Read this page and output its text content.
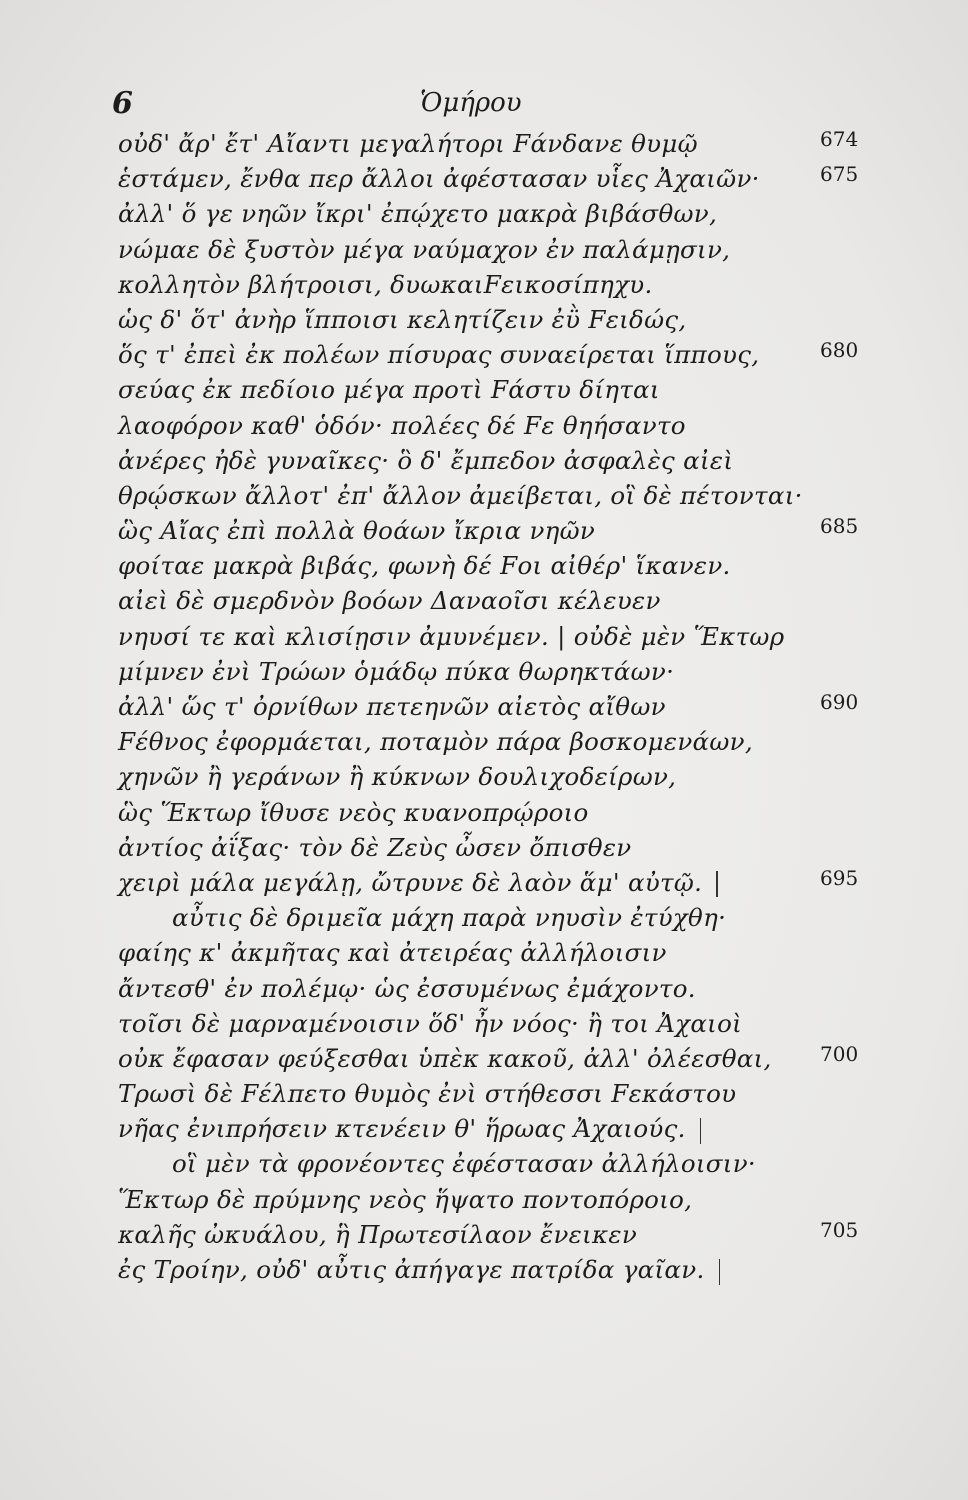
6	Ὁμήρου
οὐδ' ἄρ' ἔτ' Αἴαντι μεγαλήτορι Fάνδανε θυμῷ	674
ἑστάμεν, ἔνθα περ ἄλλοι ἀφέστασαν υἷες Ἀχαιῶν·	675
ἀλλ' ὅ γε νηῶν ἴκρι' ἐπῴχετο μακρὰ βιβάσθων,
νώμαε δὲ ξυστὸν μέγα ναύμαχον ἐν παλάμῃσιν,
κολλητὸν βλήτροισι, δυωκαιFεικοσίπηχυ.
ὡς δ' ὅτ' ἀνὴρ ἵπποισι κελητίζειν ἐῢ Fειδώς,
ὅς τ' ἐπεὶ ἐκ πολέων πίσυρας συναείρεται ἵππους,	680
σεύας ἐκ πεδίοιο μέγα προτὶ Fάστυ δίηται
λαοφόρον καθ' ὁδόν· πολέες δέ Fε θηήσαντο
ἀνέρες ἠδὲ γυναῖκες· ὃ δ' ἔμπεδον ἀσφαλὲς αἰεὶ
θρῴσκων ἄλλοτ' ἐπ' ἄλλον ἀμείβεται, οἳ δὲ πέτονται·
ὣς Αἴας ἐπὶ πολλὰ θοάων ἴκρια νηῶν	685
φοίταε μακρὰ βιβάς, φωνὴ δέ Fοι αἰθέρ' ἵκανεν.
αἰεὶ δὲ σμερδνὸν βοόων Δαναοῖσι κέλευεν
νηυσί τε καὶ κλισίῃσιν ἀμυνέμεν. | οὐδὲ μὲν Ἕκτωρ
μίμνεν ἐνὶ Τρώων ὁμάδῳ πύκα θωρηκτάων·
ἀλλ' ὥς τ' ὀρνίθων πετεηνῶν αἰετὸς αἴθων	690
Fέθνος ἐφορμάεται, ποταμὸν πάρα βοσκομενάων,
χηνῶν ἢ γεράνων ἢ κύκνων δουλιχοδείρων,
ὣς Ἕκτωρ ἴθυσε νεὸς κυανοπρῴροιο
ἀντίος ἀΐξας· τὸν δὲ Ζεὺς ὦσεν ὄπισθεν
χειρὶ μάλα μεγάλῃ, ὤτρυνε δὲ λαὸν ἅμ' αὐτῷ.	695
αὖτις δὲ δριμεῖα μάχη παρὰ νηυσὶν ἐτύχθη·
φαίης κ' ἀκμῆτας καὶ ἀτειρέας ἀλλήλοισιν
ἄντεσθ' ἐν πολέμῳ· ὡς ἐσσυμένως ἐμάχοντο.
τοῖσι δὲ μαρναμένοισιν ὅδ' ἦν νόος· ἢ τοι Ἀχαιοὶ
οὐκ ἔφασαν φεύξεσθαι ὑπὲκ κακοῦ, ἀλλ' ὀλέεσθαι, 700
Τρωσὶ δὲ Fέλπετο θυμὸς ἐνὶ στήθεσσι Fεκάστου
νῆας ἐνιπρήσειν κτενέειν θ' ἥρωας Ἀχαιούς.
οἳ μὲν τὰ φρονέοντες ἐφέστασαν ἀλλήλοισιν·
Ἕκτωρ δὲ πρύμνης νεὸς ἥψατο ποντοπόροιο,
καλῆς ὠκυάλου, ἣ Πρωτεσίλαον ἔνεικεν	705
ἐς Τροίην, οὐδ' αὖτις ἀπήγαγε πατρίδα γαῖαν.
